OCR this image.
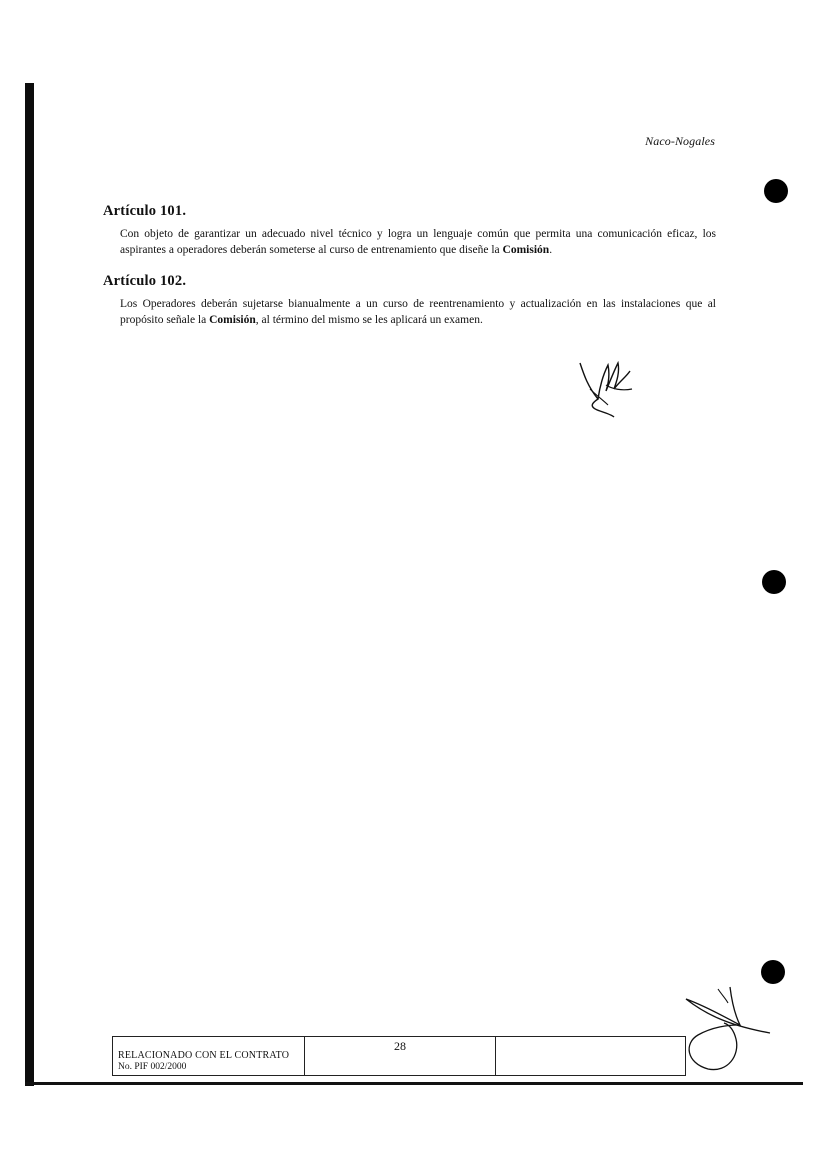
Naco-Nogales
Artículo 101.

Con objeto de garantizar un adecuado nivel técnico y logra un lenguaje común que permita una comunicación eficaz, los aspirantes a operadores deberán someterse al curso de entrenamiento que diseñe la Comisión.

Artículo 102.

Los Operadores deberán sujetarse bianualmente a un curso de reentrenamiento y actualización en las instalaciones que al propósito señale la Comisión, al término del mismo se les aplicará un examen.

RELACIONADO CON EL CONTRATO
No. PIF 002/2000
28
